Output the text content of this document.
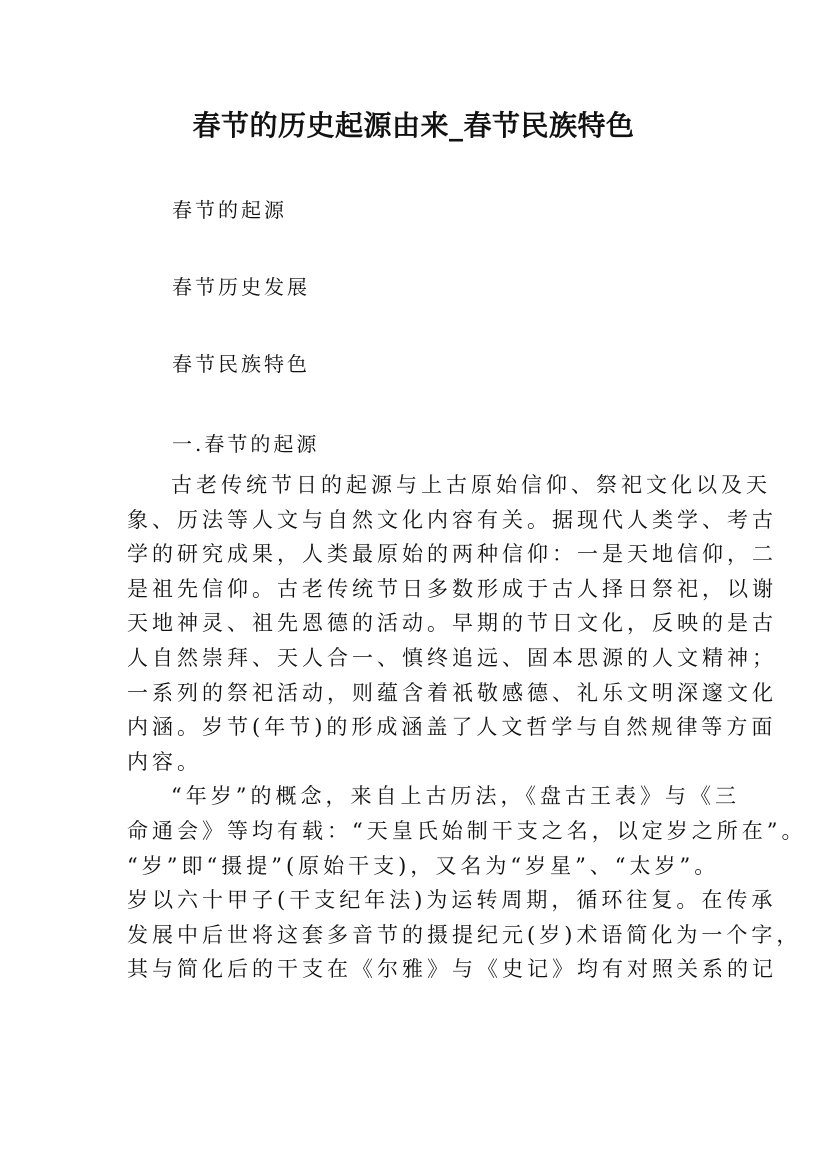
春节的历史起源由来_春节民族特色
春节的起源
春节历史发展
春节民族特色
一.春节的起源
古老传统节日的起源与上古原始信仰、祭祀文化以及天
象、历法等人文与自然文化内容有关。据现代人类学、考古
学的研究成果，人类最原始的两种信仰：一是天地信仰，二
是祖先信仰。古老传统节日多数形成于古人择日祭祀，以谢
天地神灵、祖先恩德的活动。早期的节日文化，反映的是古
人自然崇拜、天人合一、慎终追远、固本思源的人文精神；
一系列的祭祀活动，则蕴含着祇敬感德、礼乐文明深邃文化
内涵。岁节(年节)的形成涵盖了人文哲学与自然规律等方面
内容。
“年岁”的概念，来自上古历法，《盘古王表》与《三
命通会》等均有载：“天皇氏始制干支之名，以定岁之所在”。
“岁”即“摄提”(原始干支)，又名为“岁星”、“太岁”。
岁以六十甲子(干支纪年法)为运转周期，循环往复。在传承
发展中后世将这套多音节的摄提纪元(岁)术语简化为一个字，
其与简化后的干支在《尔雅》与《史记》均有对照关系的记
